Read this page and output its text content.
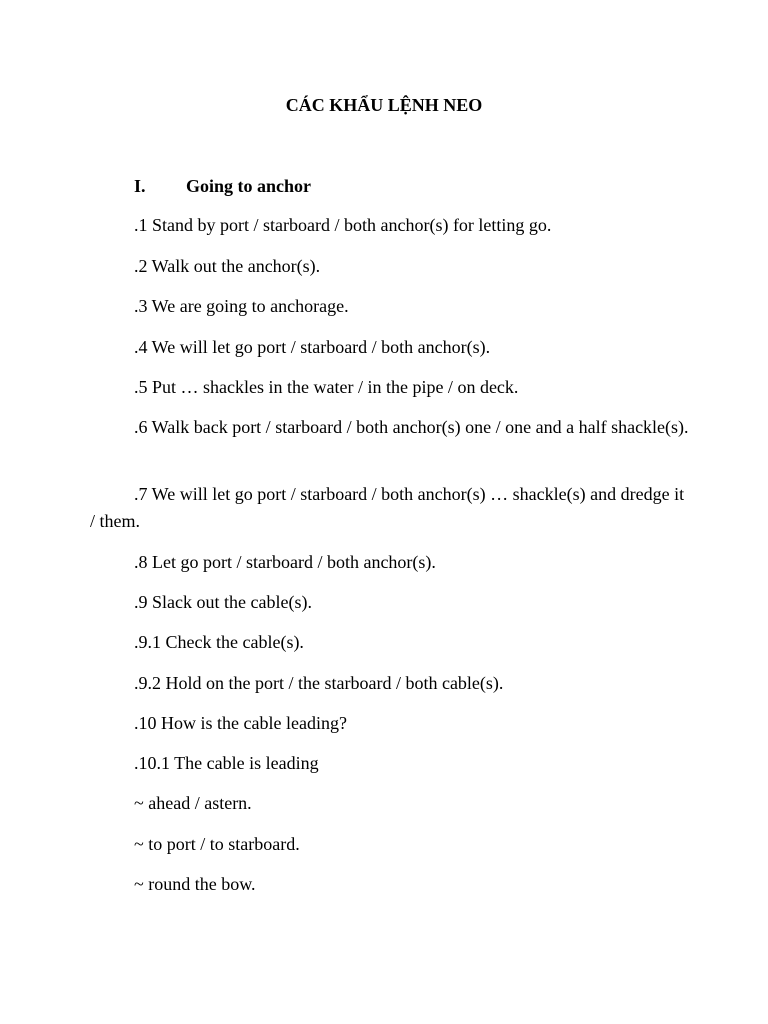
CÁC KHẨU LỆNH NEO
I. Going to anchor
.1 Stand by port / starboard / both anchor(s) for letting go.
.2 Walk out the anchor(s).
.3 We are going to anchorage.
.4 We will let go port / starboard / both anchor(s).
.5 Put … shackles in the water / in the pipe / on deck.
.6 Walk back port / starboard / both anchor(s) one / one and a half shackle(s).
.7 We will let go port / starboard / both anchor(s) … shackle(s) and dredge it / them.
.8 Let go port / starboard / both anchor(s).
.9 Slack out the cable(s).
.9.1 Check the cable(s).
.9.2 Hold on the port / the starboard / both cable(s).
.10 How is the cable leading?
.10.1 The cable is leading
~ ahead / astern.
~ to port / to starboard.
~ round the bow.
